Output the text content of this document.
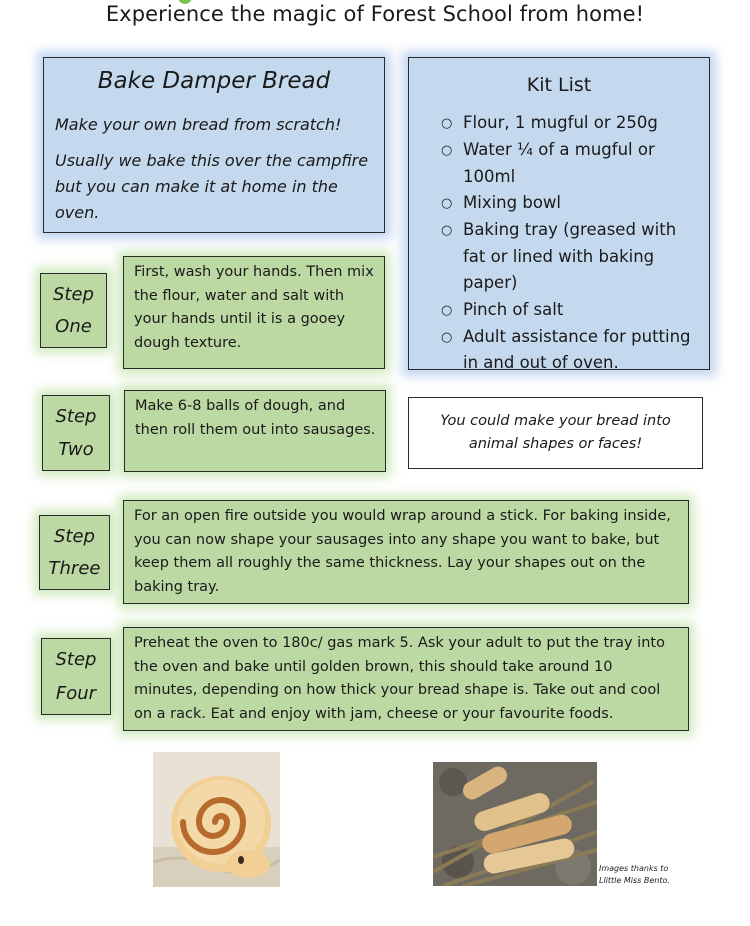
Experience the magic of Forest School from home!
Bake Damper Bread
Make your own bread from scratch!
Usually we bake this over the campfire but you can make it at home in the oven.
Kit List
○ Flour, 1 mugful or 250g
○ Water ¼ of a mugful or 100ml
○ Mixing bowl
○ Baking tray (greased with fat or lined with baking paper)
○ Pinch of salt
○ Adult assistance for putting in and out of oven.
Step
One
First, wash your hands. Then mix the flour, water and salt with your hands until it is a gooey dough texture.
Step
Two
Make 6-8 balls of dough, and then roll them out into sausages.
You could make your bread into animal shapes or faces!
Step
Three
For an open fire outside you would wrap around a stick. For baking inside, you can now shape your sausages into any shape you want to bake, but keep them all roughly the same thickness. Lay your shapes out on the baking tray.
Step
Four
Preheat the oven to 180c/ gas mark 5. Ask your adult to put the tray into the oven and bake until golden brown, this should take around 10 minutes, depending on how thick your bread shape is. Take out and cool on a rack. Eat and enjoy with jam, cheese or your favourite foods.
Images thanks to
Llittle Miss Bento.
